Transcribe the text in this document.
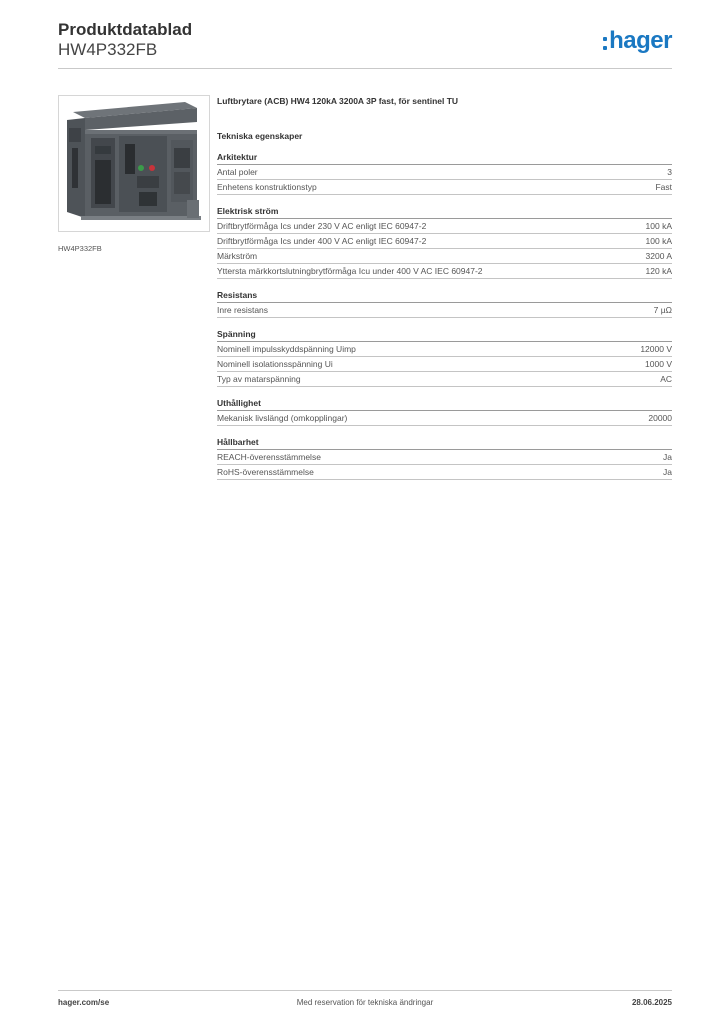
Produktdatablad
HW4P332FB	hager
HW4P332FB
Luftbrytare (ACB) HW4 120kA 3200A 3P fast, för sentinel TU
Tekniska egenskaper
Arkitektur
Antal poler	3
Enhetens konstruktionstyp	Fast
Elektrisk ström
Driftbrytförmåga Ics under 230 V AC enligt IEC 60947-2	100 kA
Driftbrytförmåga Ics under 400 V AC enligt IEC 60947-2	100 kA
Märkström	3200 A
Yttersta märkkortslutningbrytförmåga Icu under 400 V AC IEC 60947-2	120 kA
Resistans
Inre resistans	7 µΩ
Spänning
Nominell impulsskyddspänning Uimp	12000 V
Nominell isolationsspänning Ui	1000 V
Typ av matarspänning	AC
Uthållighet
Mekanisk livslängd (omkopplingar)	20000
Hållbarhet
REACH-överensstämmelse	Ja
RoHS-överensstämmelse	Ja
hager.com/se	Med reservation för tekniska ändringar	28.06.2025
